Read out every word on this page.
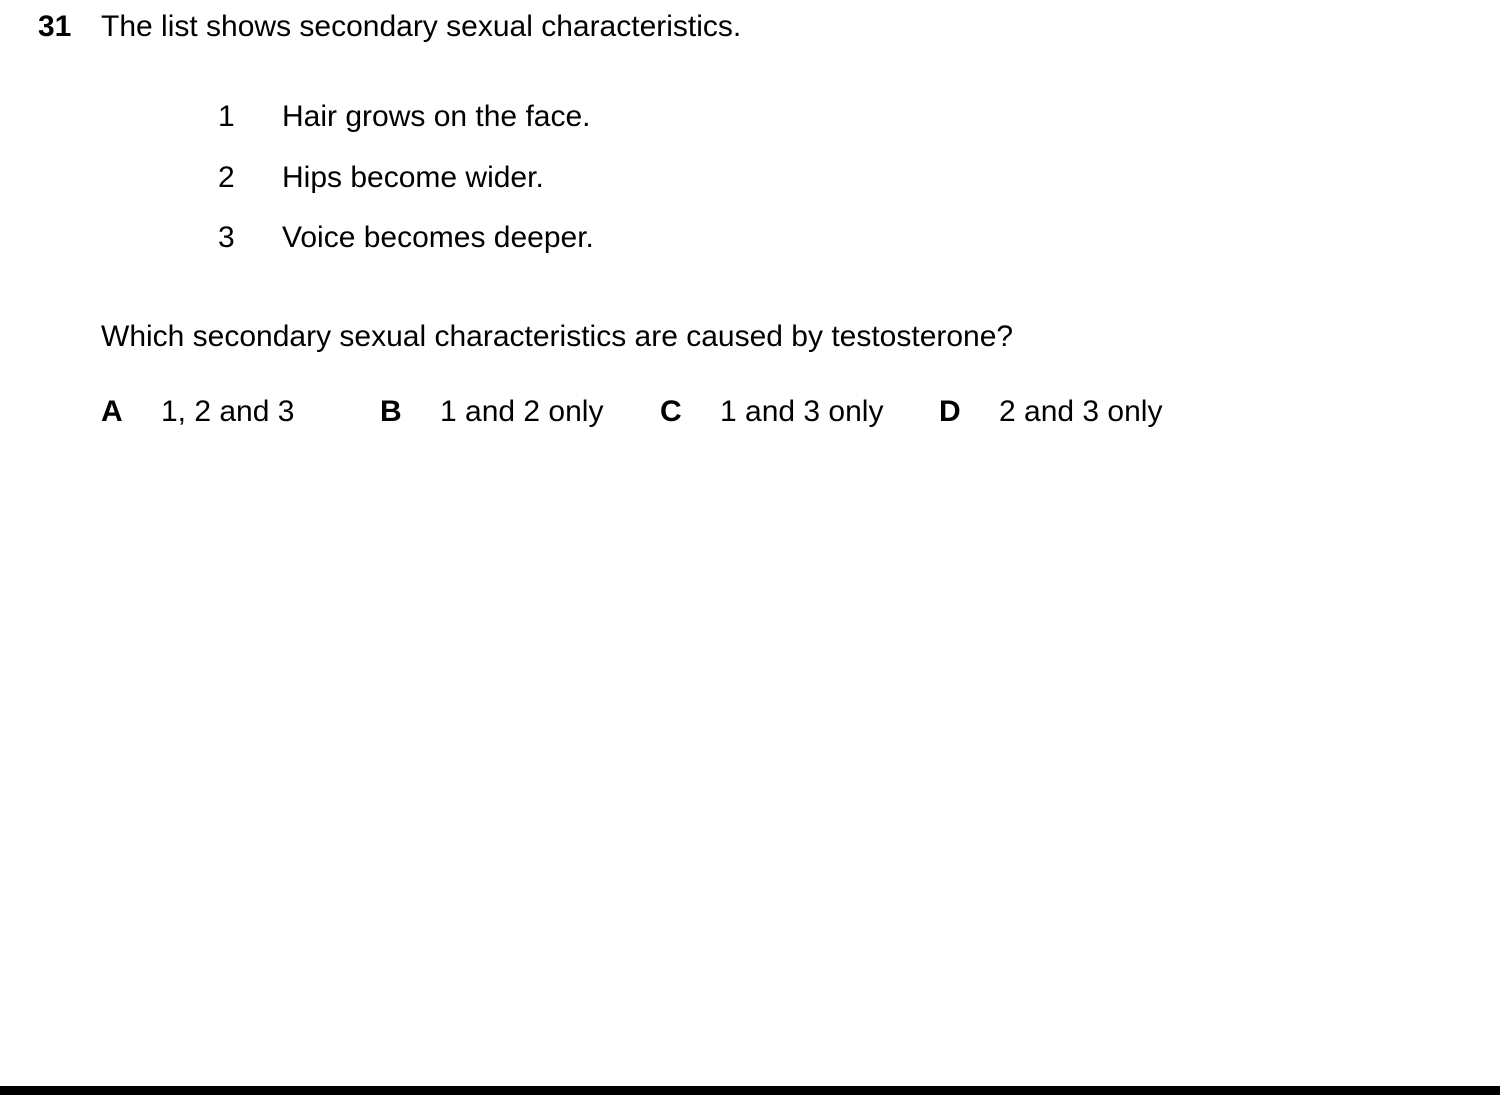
31 The list shows secondary sexual characteristics.
1 Hair grows on the face.
2 Hips become wider.
3 Voice becomes deeper.
Which secondary sexual characteristics are caused by testosterone?
A 1, 2 and 3	B 1 and 2 only C 1 and 3 only D 2 and 3 only
